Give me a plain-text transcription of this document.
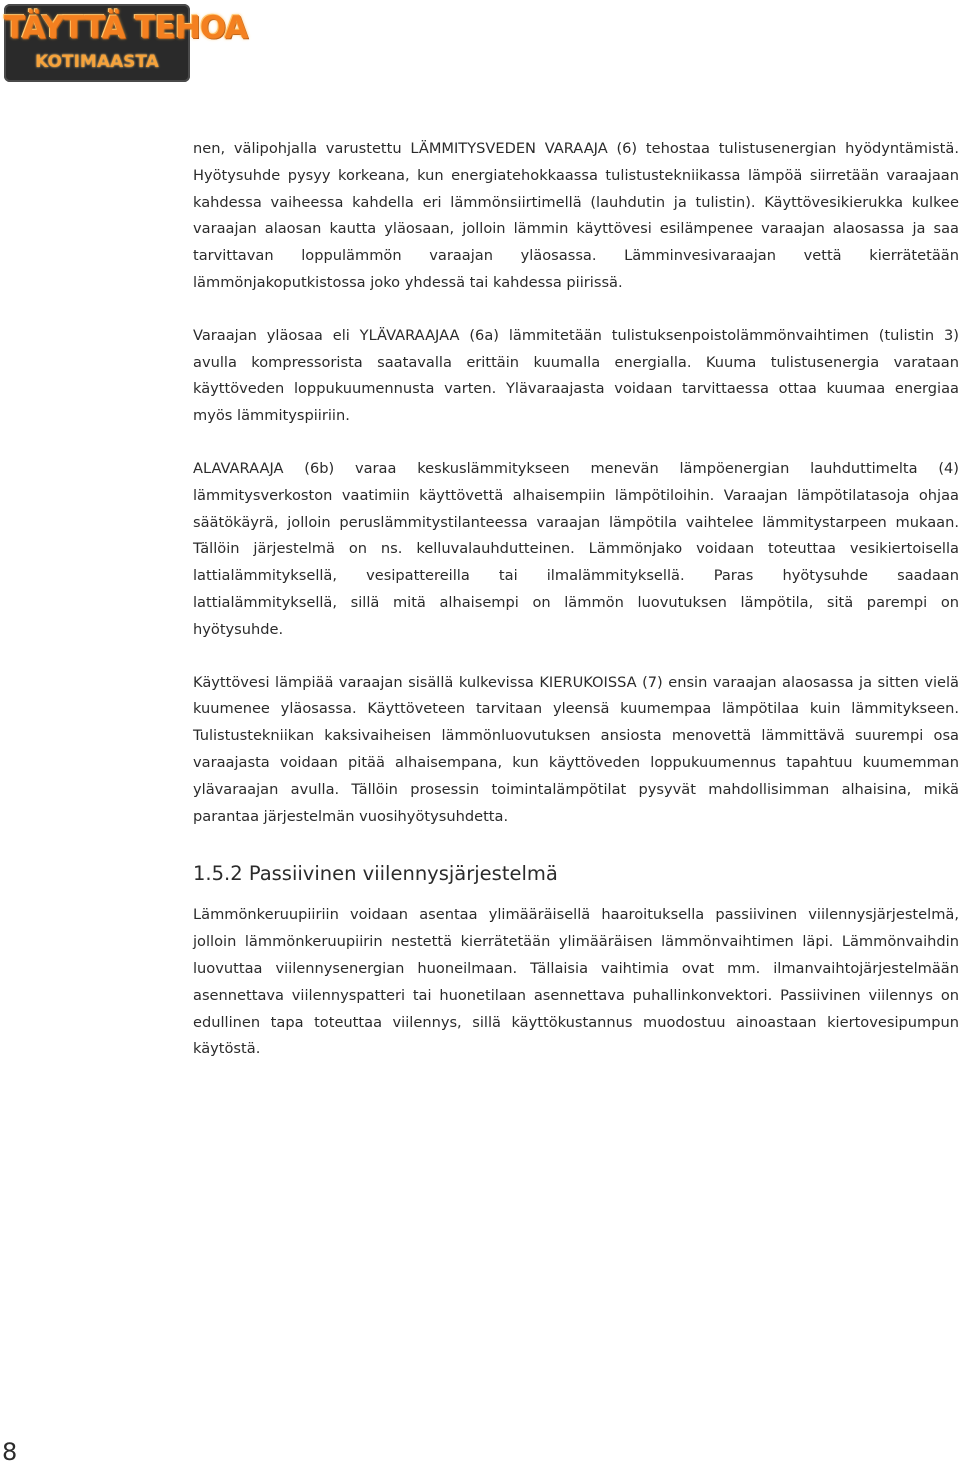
TÄYTTÄ TEHOA
KOTIMAASTA

nen, välipohjalla varustettu LÄMMITYSVEDEN VARAAJA (6) tehostaa tulistusenergian hyödyntämistä. Hyötysuhde pysyy korkeana, kun energiatehokkaassa tulistustekniikassa lämpöä siirretään varaajaan kahdessa vaiheessa kahdella eri lämmönsiirtimellä (lauhdutin ja tulistin). Käyttövesikierukka kulkee varaajan alaosan kautta yläosaan, jolloin lämmin käyttövesi esilämpenee varaajan alaosassa ja saa tarvittavan loppulämmön varaajan yläosassa. Lämminvesivaraajan vettä kierrätetään lämmönjakoputkistossa joko yhdessä tai kahdessa piirissä.

Varaajan yläosaa eli YLÄVARAAJAA (6a) lämmitetään tulistuksenpoistolämmönvaihtimen (tulistin 3) avulla kompressorista saatavalla erittäin kuumalla energialla. Kuuma tulistusenergia varataan käyttöveden loppukuumennusta varten. Ylävaraajasta voidaan tarvittaessa ottaa kuumaa energiaa myös lämmityspiiriin.

ALAVARAAJA (6b) varaa keskuslämmitykseen menevän lämpöenergian lauhduttimelta (4) lämmitysverkoston vaatimiin käyttövettä alhaisempiin lämpötiloihin. Varaajan lämpötilatasoja ohjaa säätökäyrä, jolloin peruslämmitystilanteessa varaajan lämpötila vaihtelee lämmitystarpeen mukaan. Tällöin järjestelmä on ns. kelluvalauhdutteinen. Lämmönjako voidaan toteuttaa vesikiertoisella lattialämmityksellä, vesipattereilla tai ilmalämmityksellä. Paras hyötysuhde saadaan lattialämmityksellä, sillä mitä alhaisempi on lämmön luovutuksen lämpötila, sitä parempi on hyötysuhde.

Käyttövesi lämpiää varaajan sisällä kulkevissa KIERUKOISSA (7) ensin varaajan alaosassa ja sitten vielä kuumenee yläosassa. Käyttöveteen tarvitaan yleensä kuumempaa lämpötilaa kuin lämmitykseen. Tulistustekniikan kaksivaiheisen lämmönluovutuksen ansiosta menovettä lämmittävä suurempi osa varaajasta voidaan pitää alhaisempana, kun käyttöveden loppukuumennus tapahtuu kuumemman ylävaraajan avulla. Tällöin prosessin toimintalämpötilat pysyvät mahdollisimman alhaisina, mikä parantaa järjestelmän vuosihyötysuhdetta.

1.5.2 Passiivinen viilennysjärjestelmä

Lämmönkeruupiiriin voidaan asentaa ylimääräisellä haaroituksella passiivinen viilennysjärjestelmä, jolloin lämmönkeruupiirin nestettä kierrätetään ylimääräisen lämmönvaihtimen läpi. Lämmönvaihdin luovuttaa viilennysenergian huoneilmaan. Tällaisia vaihtimia ovat mm. ilmanvaihtojärjestelmään asennettava viilennyspatteri tai huonetilaan asennettava puhallinkonvektori. Passiivinen viilennys on edullinen tapa toteuttaa viilennys, sillä käyttökustannus muodostuu ainoastaan kiertovesipumpun käytöstä.

8
